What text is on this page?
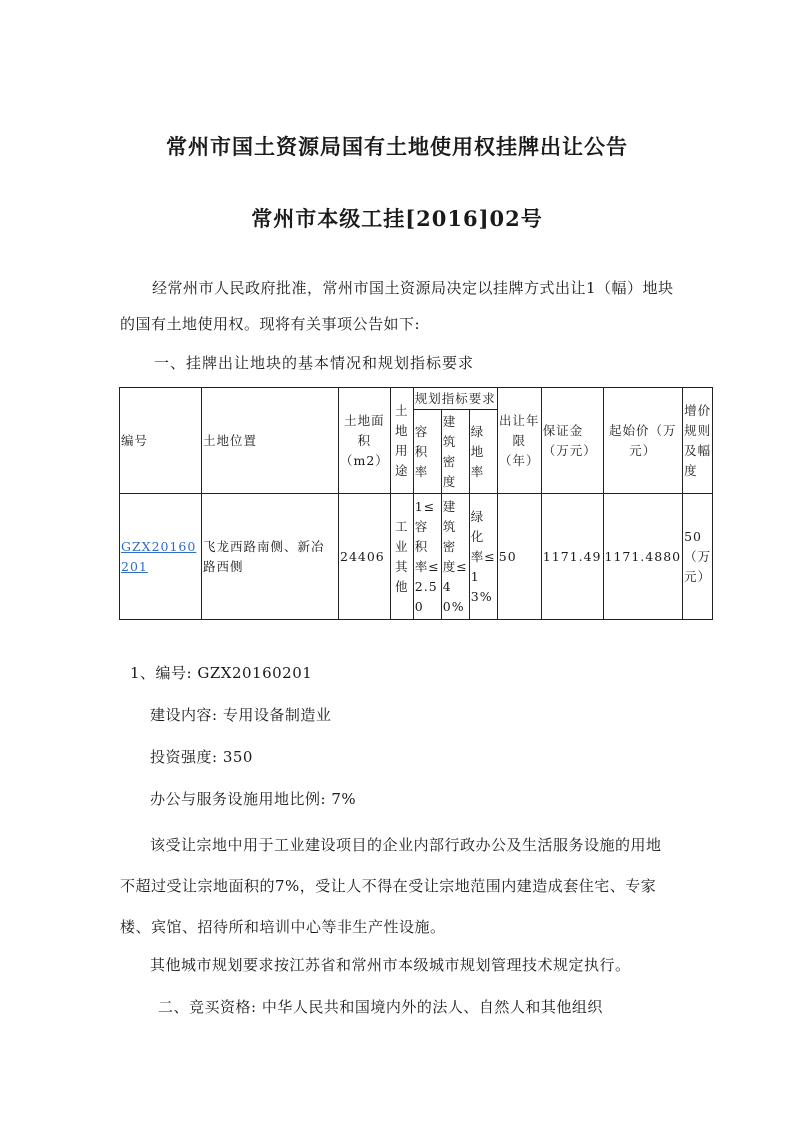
常州市国土资源局国有土地使用权挂牌出让公告
常州市本级工挂[2016]02号

经常州市人民政府批准，常州市国土资源局决定以挂牌方式出让1（幅）地块的国有土地使用权。现将有关事项公告如下:

一、挂牌出让地块的基本情况和规划指标要求
编号	土地位置	土地面积（m2）	土地用途	规划指标要求			出让年限（年）	保证金（万元）	起始价（万元）	增价规则及幅度
				容积率	建筑密度	绿地率				
GZX20160201	飞龙西路南侧、新冶路西侧	24406	工业其他	1≤容积率≤2.50	建筑密度≤40%	绿化率≤13%	50	1171.49	1171.4880	50（万元）
1、编号: GZX20160201
建设内容: 专用设备制造业
投资强度: 350
办公与服务设施用地比例: 7%

该受让宗地中用于工业建设项目的企业内部行政办公及生活服务设施的用地不超过受让宗地面积的7%，受让人不得在受让宗地范围内建造成套住宅、专家楼、宾馆、招待所和培训中心等非生产性设施。

其他城市规划要求按江苏省和常州市本级城市规划管理技术规定执行。
二、竞买资格: 中华人民共和国境内外的法人、自然人和其他组织
